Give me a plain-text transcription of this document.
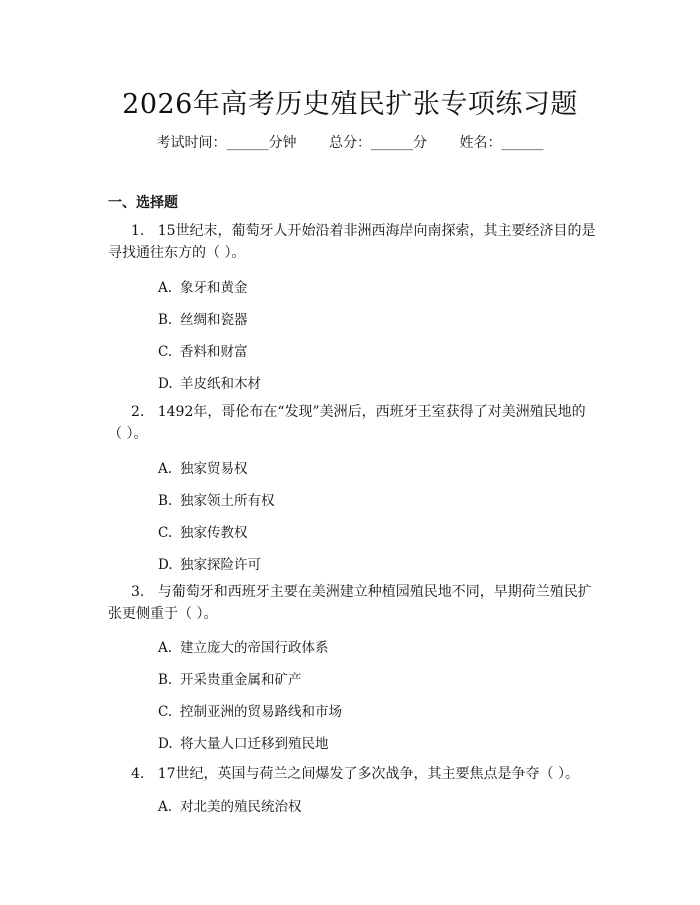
2026年高考历史殖民扩张专项练习题
考试时间：______分钟 总分：______分 姓名：______
一、选择题
1. 15世纪末，葡萄牙人开始沿着非洲西海岸向南探索，其主要经济目的是寻找通往东方的（ ）。
A. 象牙和黄金
B. 丝绸和瓷器
C. 香料和财富
D. 羊皮纸和木材
2. 1492年，哥伦布在“发现”美洲后，西班牙王室获得了对美洲殖民地的（ ）。
A. 独家贸易权
B. 独家领土所有权
C. 独家传教权
D. 独家探险许可
3. 与葡萄牙和西班牙主要在美洲建立种植园殖民地不同，早期荷兰殖民扩张更侧重于（ ）。
A. 建立庞大的帝国行政体系
B. 开采贵重金属和矿产
C. 控制亚洲的贸易路线和市场
D. 将大量人口迁移到殖民地
4. 17世纪，英国与荷兰之间爆发了多次战争，其主要焦点是争夺（ ）。
A. 对北美的殖民统治权
